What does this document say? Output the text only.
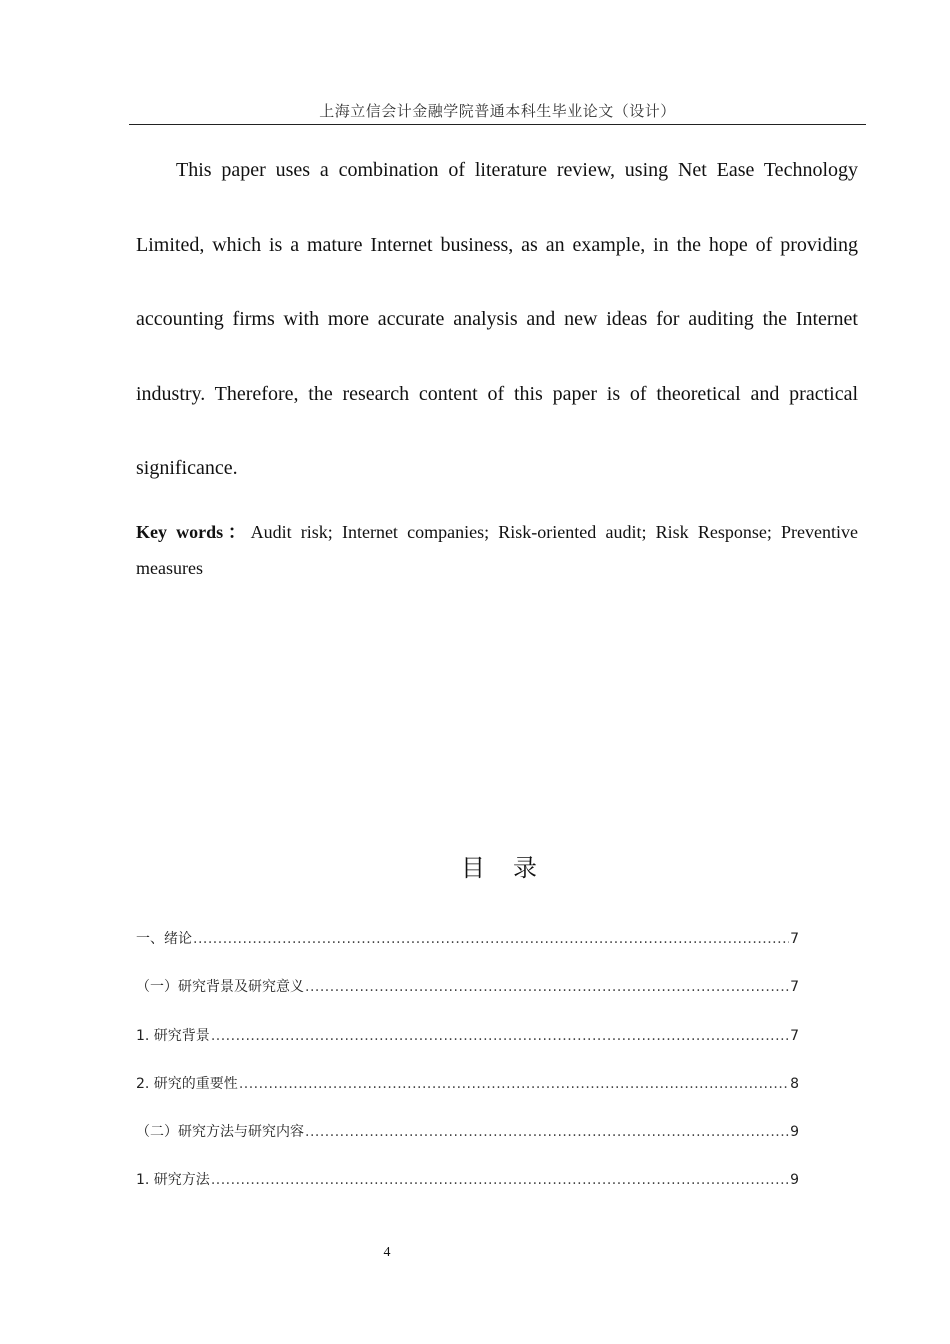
上海立信会计金融学院普通本科生毕业论文（设计）

This paper uses a combination of literature review, using Net Ease Technology Limited, which is a mature Internet business, as an example, in the hope of providing accounting firms with more accurate analysis and new ideas for auditing the Internet industry. Therefore, the research content of this paper is of theoretical and practical significance.

Key words：Audit risk; Internet companies; Risk-oriented audit; Risk Response; Preventive measures

目　录
一、绪论 .....	7
（一）研究背景及研究意义 .....	7
1. 研究背景 .....	7
2. 研究的重要性 .....	8
（二）研究方法与研究内容 .....	9
1. 研究方法 .....	9
4
